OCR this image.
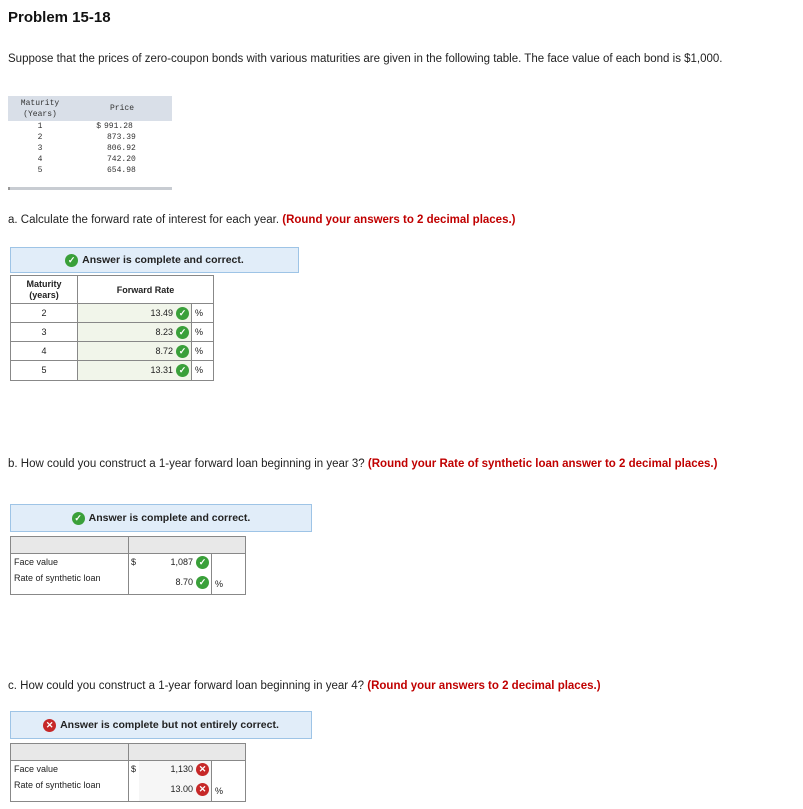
Problem 15-18
Suppose that the prices of zero-coupon bonds with various maturities are given in the following table. The face value of each bond is $1,000.
Maturity
(Years)
Price
1	$ 991.28
2	873.39
3	806.92
4	742.20
5	654.98
a. Calculate the forward rate of interest for each year. (Round your answers to 2 decimal places.)
✓ Answer is complete and correct.
Maturity
(years)	Forward Rate
2	13.49 ✓ %
3	8.23 ✓ %
4	8.72 ✓ %
5	13.31 ✓ %
b. How could you construct a 1-year forward loan beginning in year 3? (Round your Rate of synthetic loan answer to 2 decimal places.)
✓ Answer is complete and correct.
Face value	$	1,087 ✓
Rate of synthetic loan	8.70 ✓ %
c. How could you construct a 1-year forward loan beginning in year 4? (Round your answers to 2 decimal places.)
✕ Answer is complete but not entirely correct.
Face value	$	1,130 ✕
Rate of synthetic loan	13.00 ✕ %
